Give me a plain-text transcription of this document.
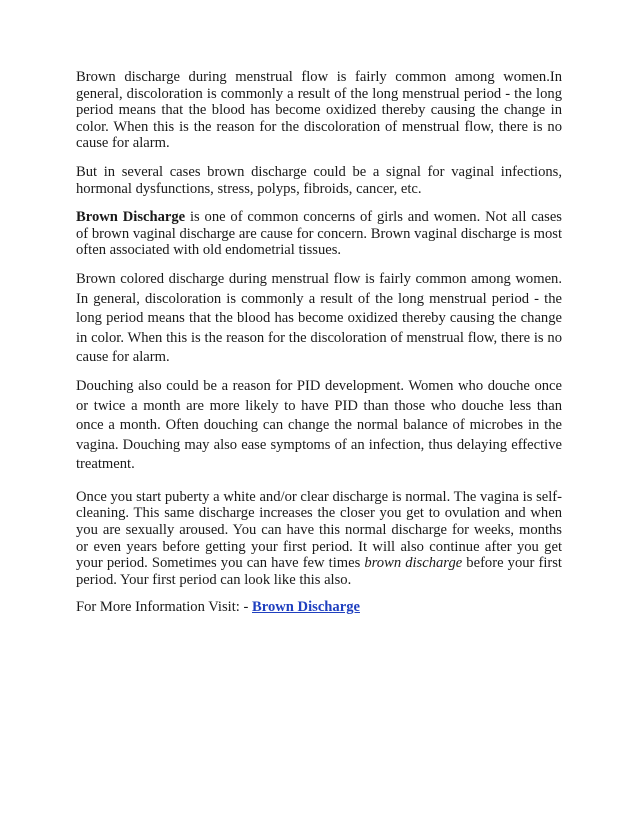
Brown discharge during menstrual flow is fairly common among women.In general, discoloration is commonly a result of the long menstrual period - the long period means that the blood has become oxidized thereby causing the change in color. When this is the reason for the discoloration of menstrual flow, there is no cause for alarm.

But in several cases brown discharge could be a signal for vaginal infections, hormonal dysfunctions, stress, polyps, fibroids, cancer, etc.

Brown Discharge is one of common concerns of girls and women. Not all cases of brown vaginal discharge are cause for concern. Brown vaginal discharge is most often associated with old endometrial tissues.

Brown colored discharge during menstrual flow is fairly common among women. In general, discoloration is commonly a result of the long menstrual period - the long period means that the blood has become oxidized thereby causing the change in color. When this is the reason for the discoloration of menstrual flow, there is no cause for alarm.

Douching also could be a reason for PID development. Women who douche once or twice a month are more likely to have PID than those who douche less than once a month. Often douching can change the normal balance of microbes in the vagina. Douching may also ease symptoms of an infection, thus delaying effective treatment.

Once you start puberty a white and/or clear discharge is normal. The vagina is self-cleaning. This same discharge increases the closer you get to ovulation and when you are sexually aroused. You can have this normal discharge for weeks, months or even years before getting your first period. It will also continue after you get your period. Sometimes you can have few times brown discharge before your first period. Your first period can look like this also.

For More Information Visit: - Brown Discharge
